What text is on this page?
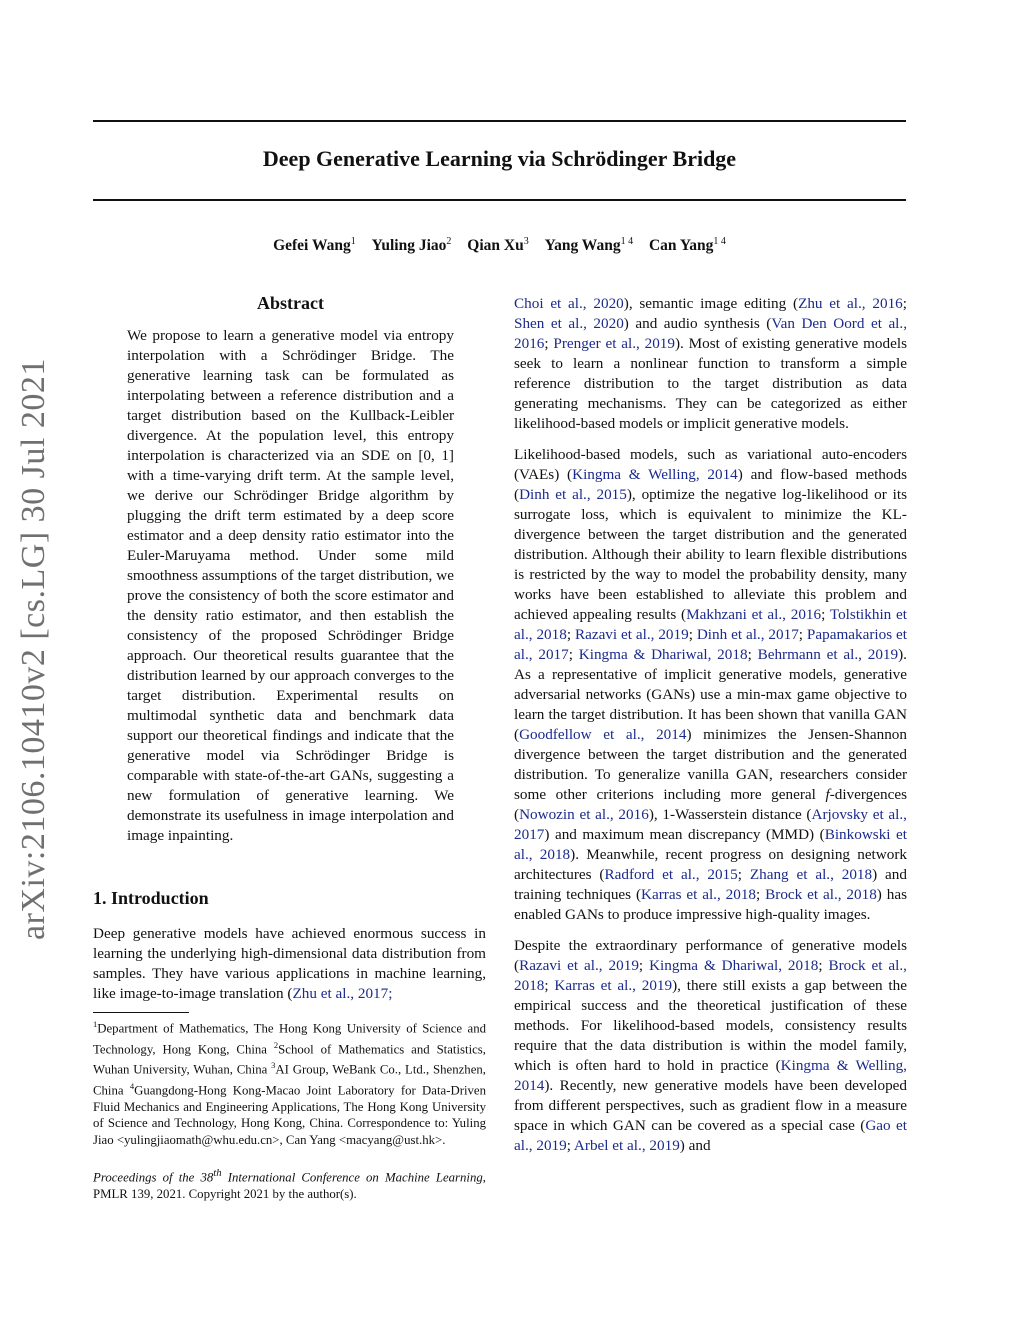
Deep Generative Learning via Schrödinger Bridge
Gefei Wang$^1$ Yuling Jiao$^2$ Qian Xu$^3$ Yang Wang$^{1 4}$ Can Yang$^{1 4}$
arXiv:2106.10410v2 [cs.LG] 30 Jul 2021
Abstract

We propose to learn a generative model via entropy interpolation with a Schrödinger Bridge. The generative learning task can be formulated as interpolating between a reference distribution and a target distribution based on the Kullback-Leibler divergence. At the population level, this entropy interpolation is characterized via an SDE on [0, 1] with a time-varying drift term. At the sample level, we derive our Schrödinger Bridge algorithm by plugging the drift term estimated by a deep score estimator and a deep density ratio estimator into the Euler-Maruyama method. Under some mild smoothness assumptions of the target distribution, we prove the consistency of both the score estimator and the density ratio estimator, and then establish the consistency of the proposed Schrödinger Bridge approach. Our theoretical results guarantee that the distribution learned by our approach converges to the target distribution. Experimental results on multimodal synthetic data and benchmark data support our theoretical findings and indicate that the generative model via Schrödinger Bridge is comparable with state-of-the-art GANs, suggesting a new formulation of generative learning. We demonstrate its usefulness in image interpolation and image inpainting.

1. Introduction

Deep generative models have achieved enormous success in learning the underlying high-dimensional data distribution from samples. They have various applications in machine learning, like image-to-image translation (Zhu et al., 2017;

$^1$Department of Mathematics, The Hong Kong University of Science and Technology, Hong Kong, China $^2$School of Mathematics and Statistics, Wuhan University, Wuhan, China $^3$AI Group, WeBank Co., Ltd., Shenzhen, China $^4$Guangdong-Hong Kong-Macao Joint Laboratory for Data-Driven Fluid Mechanics and Engineering Applications, The Hong Kong University of Science and Technology, Hong Kong, China. Correspondence to: Yuling Jiao <yulingjiaomath@whu.edu.cn>, Can Yang <macyang@ust.hk>.
Proceedings of the 38th International Conference on Machine Learning, PMLR 139, 2021. Copyright 2021 by the author(s).

Choi et al., 2020), semantic image editing (Zhu et al., 2016; Shen et al., 2020) and audio synthesis (Van Den Oord et al., 2016; Prenger et al., 2019). Most of existing generative models seek to learn a nonlinear function to transform a simple reference distribution to the target distribution as data generating mechanisms. They can be categorized as either likelihood-based models or implicit generative models.

Likelihood-based models, such as variational auto-encoders (VAEs) (Kingma & Welling, 2014) and flow-based methods (Dinh et al., 2015), optimize the negative log-likelihood or its surrogate loss, which is equivalent to minimize the KL-divergence between the target distribution and the generated distribution. Although their ability to learn flexible distributions is restricted by the way to model the probability density, many works have been established to alleviate this problem and achieved appealing results (Makhzani et al., 2016; Tolstikhin et al., 2018; Razavi et al., 2019; Dinh et al., 2017; Papamakarios et al., 2017; Kingma & Dhariwal, 2018; Behrmann et al., 2019). As a representative of implicit generative models, generative adversarial networks (GANs) use a min-max game objective to learn the target distribution. It has been shown that vanilla GAN (Goodfellow et al., 2014) minimizes the Jensen-Shannon divergence between the target distribution and the generated distribution. To generalize vanilla GAN, researchers consider some other criterions including more general f-divergences (Nowozin et al., 2016), 1-Wasserstein distance (Arjovsky et al., 2017) and maximum mean discrepancy (MMD) (Binkowski et al., 2018). Meanwhile, recent progress on designing network architectures (Radford et al., 2015; Zhang et al., 2018) and training techniques (Karras et al., 2018; Brock et al., 2018) has enabled GANs to produce impressive high-quality images.

Despite the extraordinary performance of generative models (Razavi et al., 2019; Kingma & Dhariwal, 2018; Brock et al., 2018; Karras et al., 2019), there still exists a gap between the empirical success and the theoretical justification of these methods. For likelihood-based models, consistency results require that the data distribution is within the model family, which is often hard to hold in practice (Kingma & Welling, 2014). Recently, new generative models have been developed from different perspectives, such as gradient flow in a measure space in which GAN can be covered as a special case (Gao et al., 2019; Arbel et al., 2019) and
